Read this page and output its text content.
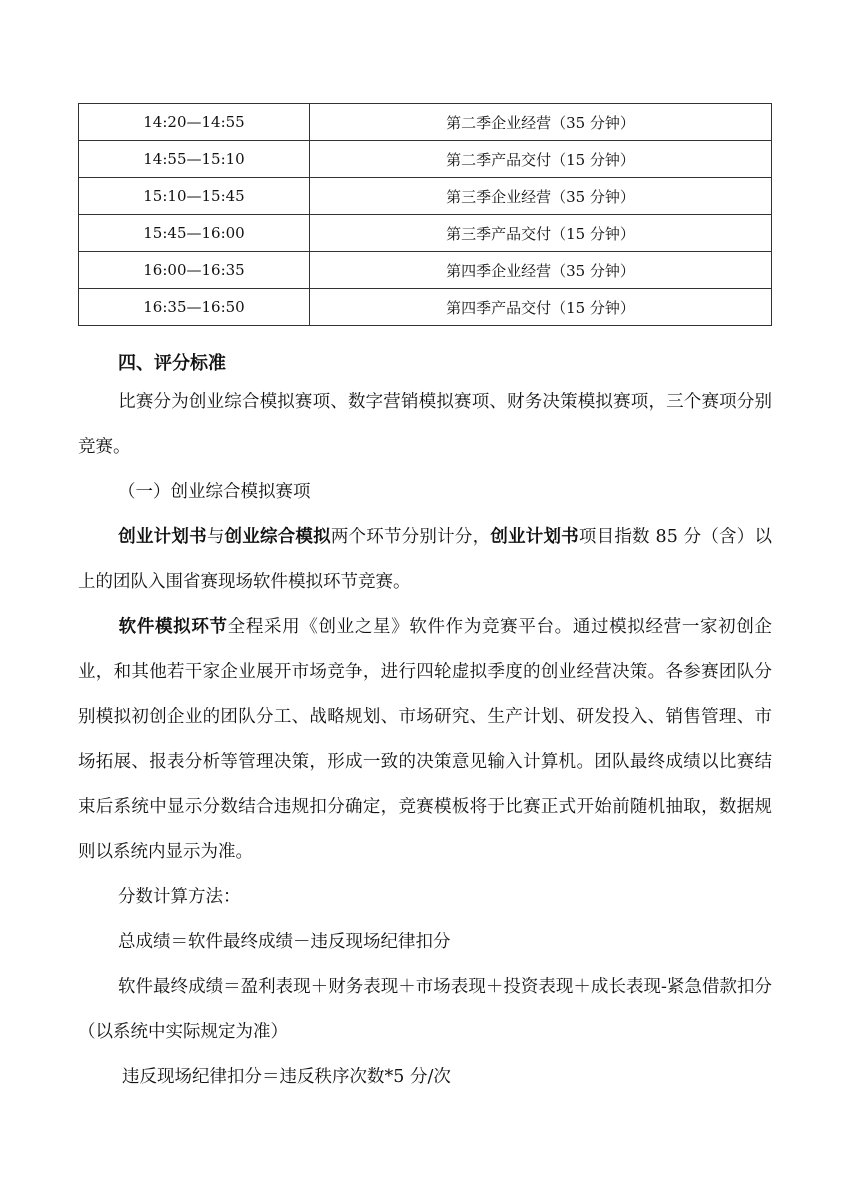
14:20—14:55	第二季企业经营（35 分钟）
14:55—15:10	第二季产品交付（15 分钟）
15:10—15:45	第三季企业经营（35 分钟）
15:45—16:00	第三季产品交付（15 分钟）
16:00—16:35	第四季企业经营（35 分钟）
16:35—16:50	第四季产品交付（15 分钟）
四、评分标准

比赛分为创业综合模拟赛项、数字营销模拟赛项、财务决策模拟赛项，三个赛项分别竞赛。

（一）创业综合模拟赛项

创业计划书与创业综合模拟两个环节分别计分，创业计划书项目指数 85 分（含）以上的团队入围省赛现场软件模拟环节竞赛。

软件模拟环节全程采用《创业之星》软件作为竞赛平台。通过模拟经营一家初创企业，和其他若干家企业展开市场竞争，进行四轮虚拟季度的创业经营决策。各参赛团队分别模拟初创企业的团队分工、战略规划、市场研究、生产计划、研发投入、销售管理、市场拓展、报表分析等管理决策，形成一致的决策意见输入计算机。团队最终成绩以比赛结束后系统中显示分数结合违规扣分确定，竞赛模板将于比赛正式开始前随机抽取，数据规则以系统内显示为准。

分数计算方法：

总成绩＝软件最终成绩－违反现场纪律扣分

软件最终成绩＝盈利表现＋财务表现＋市场表现＋投资表现＋成长表现-紧急借款扣分（以系统中实际规定为准）

违反现场纪律扣分＝违反秩序次数*5 分/次
